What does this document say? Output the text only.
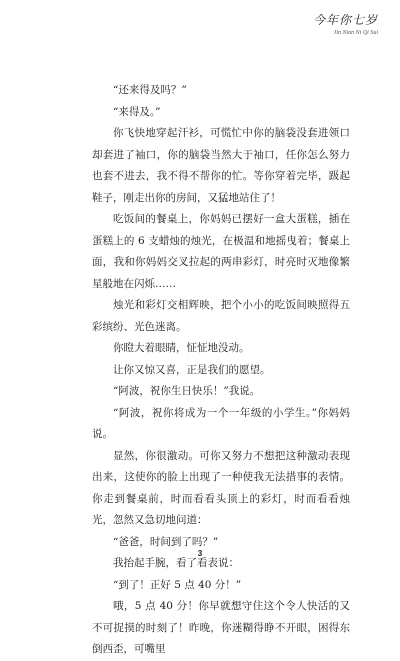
今年你七岁
Jin Nian Ni Qi Sui

“还来得及吗？”

“来得及。”

你飞快地穿起汗衫，可慌忙中你的脑袋没套进领口却套进了袖口，你的脑袋当然大于袖口，任你怎么努力也套不进去，我不得不帮你的忙。等你穿着完毕，趿起鞋子，刚走出你的房间，又猛地站住了！

吃饭间的餐桌上，你妈妈已摆好一盒大蛋糕，插在蛋糕上的 6 支蜡烛的烛光，在极温和地摇曳着；餐桌上面，我和你妈妈交叉拉起的两串彩灯，时亮时灭地像繁星般地在闪烁……

烛光和彩灯交相辉映，把个小小的吃饭间映照得五彩缤纷、光色迷离。

你瞪大着眼睛，怔怔地没动。

让你又惊又喜，正是我们的愿望。

“阿波，祝你生日快乐！”我说。

“阿波，祝你将成为一个一年级的小学生。”你妈妈说。

显然，你很激动。可你又努力不想把这种激动表现出来，这使你的脸上出现了一种使我无法措事的表情。你走到餐桌前，时而看看头顶上的彩灯，时而看看烛光，忽然又急切地问道：

“爸爸，时间到了吗？”

我抬起手腕，看了看表说：

“到了！正好 5 点 40 分！”

哦，5 点 40 分！你早就想守住这个令人快活的又不可捉摸的时刻了！昨晚，你迷糊得睁不开眼，困得东倒西歪，可嘴里

3
